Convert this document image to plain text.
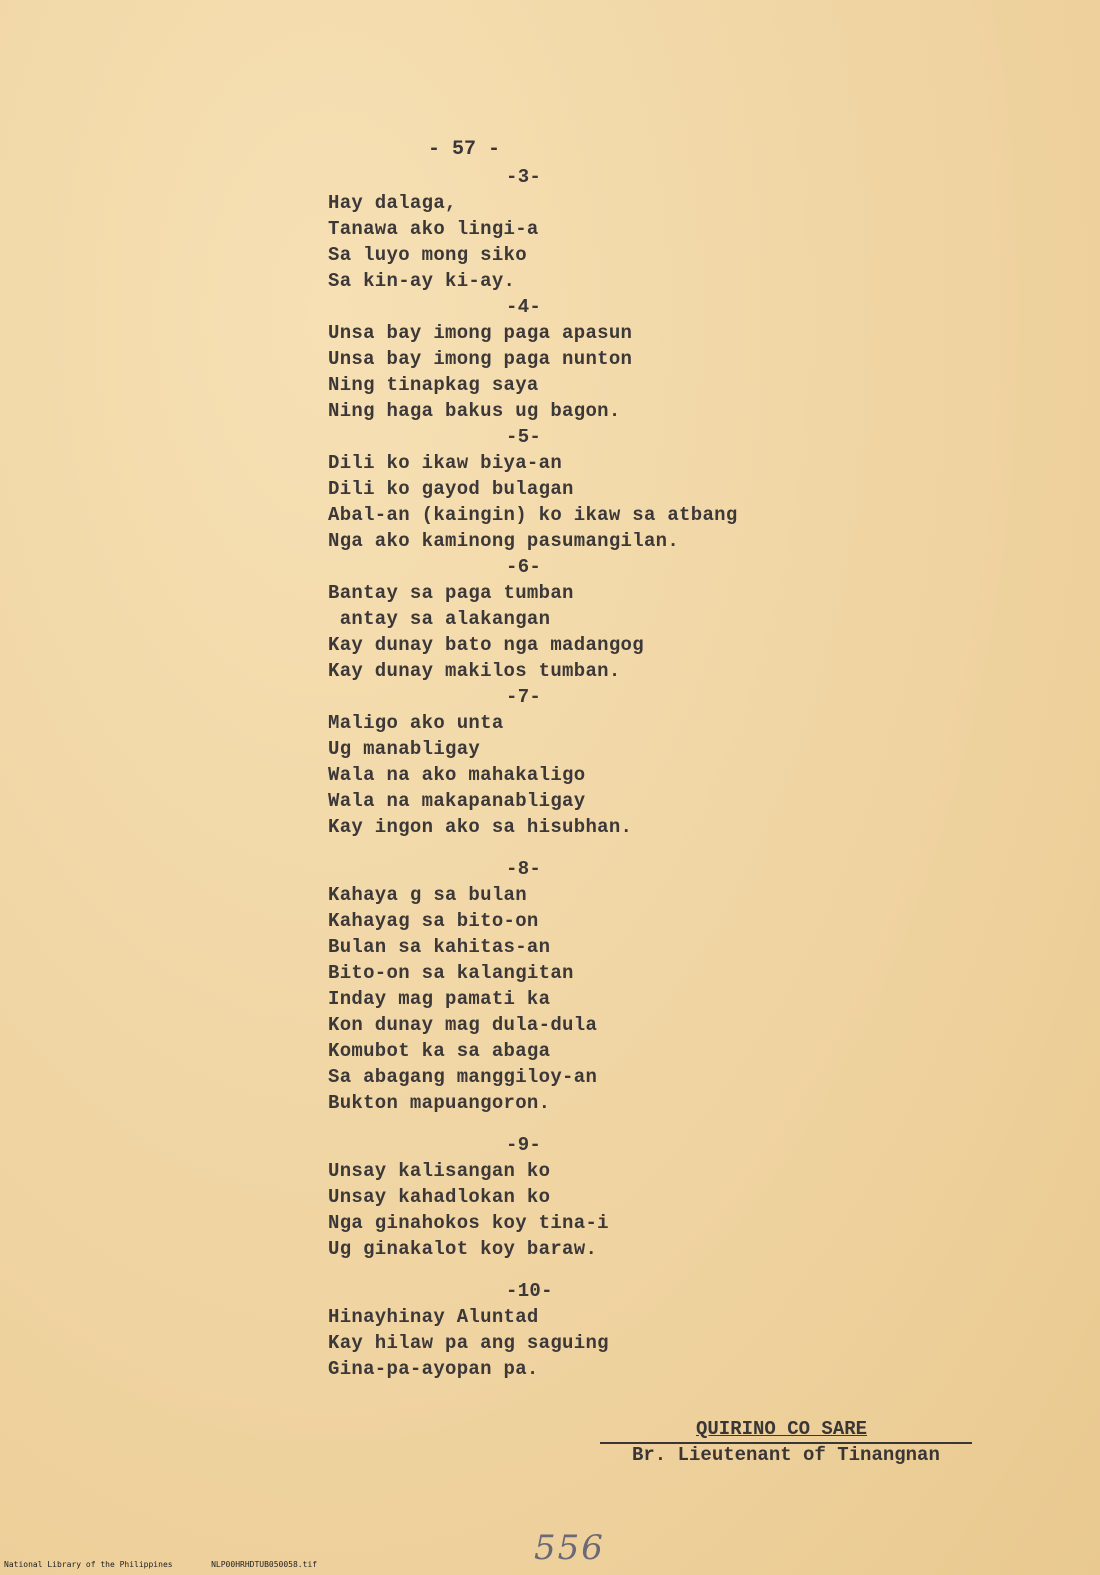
- 57 -
-3-
Hay dalaga,
Tanawa ako lingi-a
Sa luyo mong siko
Sa kin-ay ki-ay.
-4-
Unsa bay imong paga apasun
Unsa bay imong paga nunton
Ning tinapkag saya
Ning haga bakus ug bagon.
-5-
Dili ko ikaw biya-an
Dili ko gayod bulagan
Abal-an (kaingin) ko ikaw sa atbang
Nga ako kaminong pasumangilan.
-6-
Bantay sa paga tumban
antay sa alakangan
Kay dunay bato nga madangog
Kay dunay makilos tumban.
-7-
Maligo ako unta
Ug manabligay
Wala na ako mahakaligo
Wala na makapanabligay
Kay ingon ako sa hisubhan.
-8-
Kahaya g sa bulan
Kahayag sa bito-on
Bulan sa kahitas-an
Bito-on sa kalangitan
Inday mag pamati ka
Kon dunay mag dula-dula
Komubot ka sa abaga
Sa abagang manggiloy-an
Bukton mapuangoron.
-9-
Unsay kalisangan ko
Unsay kahadlokan ko
Nga ginahokos koy tina-i
Ug ginakalot koy baraw.
-10-
Hinayhinay Aluntad
Kay hilaw pa ang saguing
Gina-pa-ayopan pa.
QUIRINO CO SARE
Br. Lieutenant of Tinangnan
556
National Library of the Philippines	NLP00HRHDTUB050058.tif
